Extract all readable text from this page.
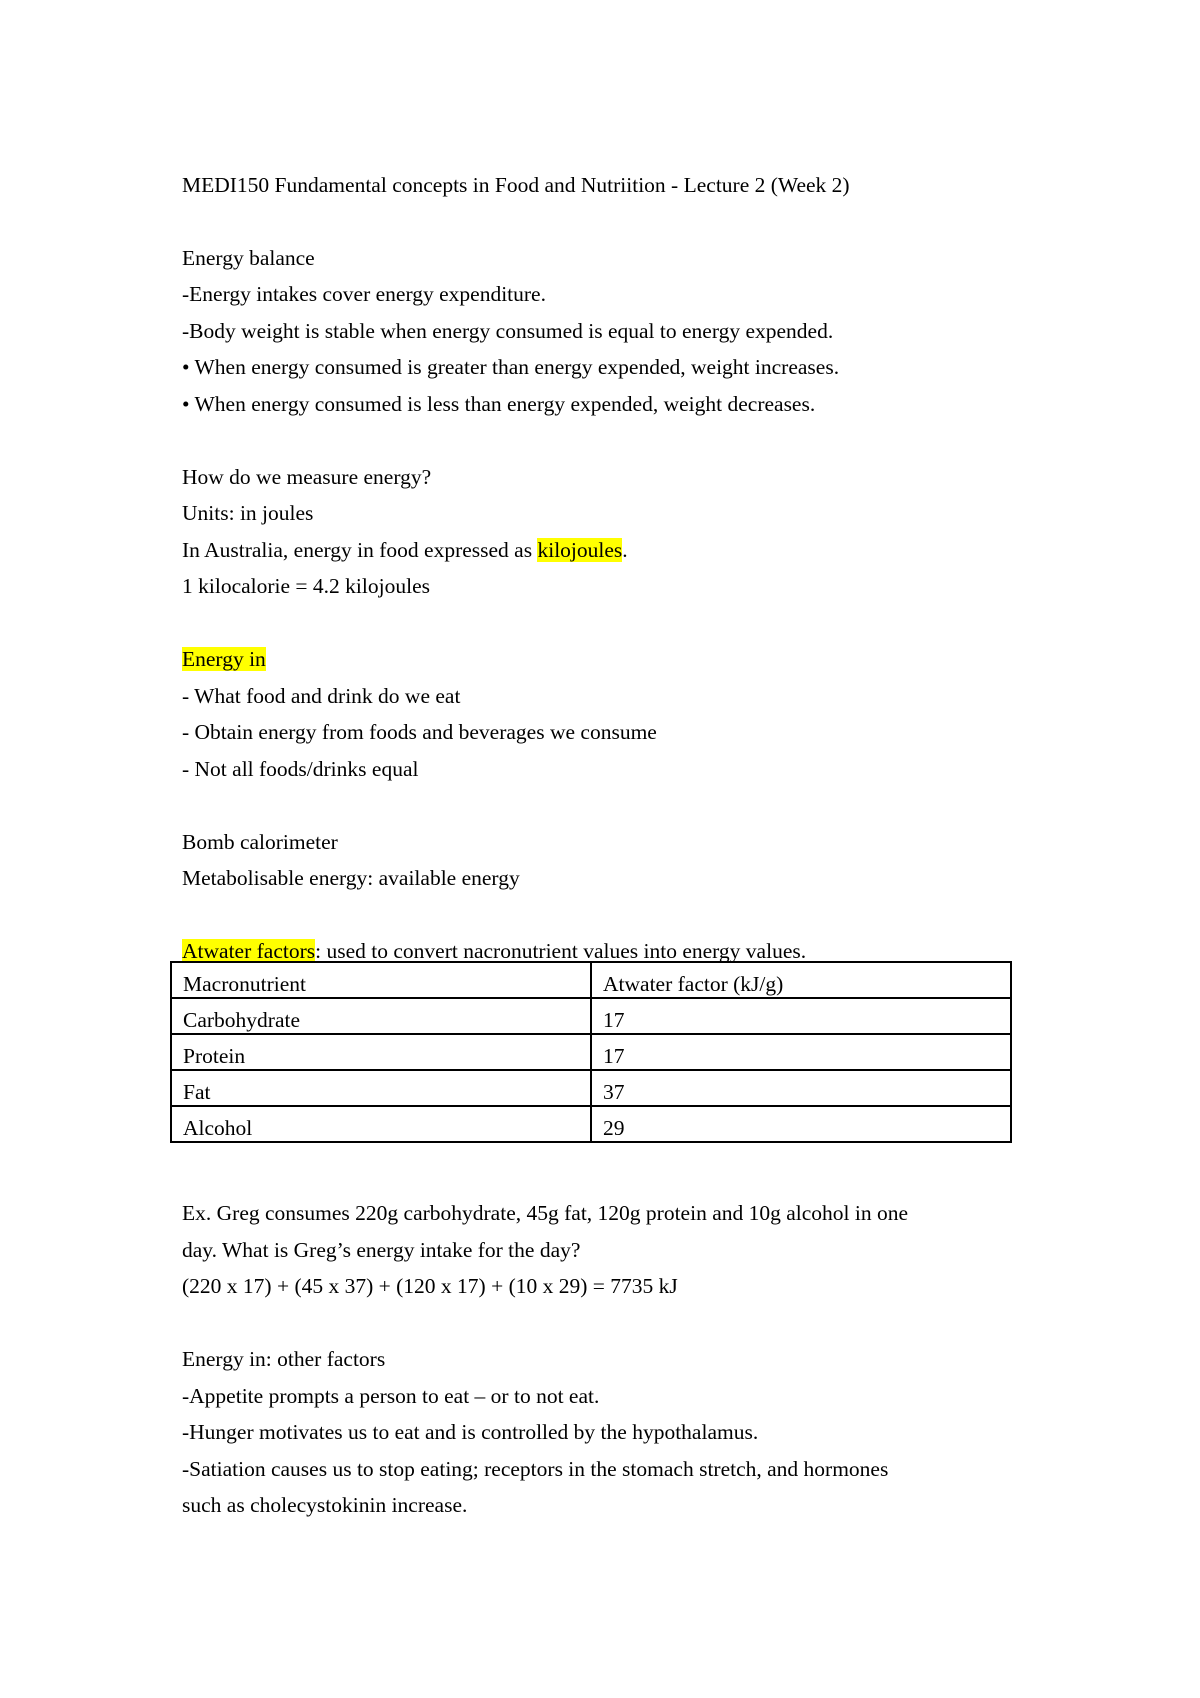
MEDI150 Fundamental concepts in Food and Nutriition - Lecture 2 (Week 2)
Energy balance
-Energy intakes cover energy expenditure.
-Body weight is stable when energy consumed is equal to energy expended.
• When energy consumed is greater than energy expended, weight increases.
• When energy consumed is less than energy expended, weight decreases.
How do we measure energy?
Units: in joules
In Australia, energy in food expressed as kilojoules.
1 kilocalorie = 4.2 kilojoules
Energy in
- What food and drink do we eat
- Obtain energy from foods and beverages we consume
- Not all foods/drinks equal
Bomb calorimeter
Metabolisable energy: available energy
Atwater factors: used to convert nacronutrient values into energy values.
Macronutrient	Atwater factor (kJ/g)
Carbohydrate	17
Protein	17
Fat	37
Alcohol	29
Ex. Greg consumes 220g carbohydrate, 45g fat, 120g protein and 10g alcohol in one
day. What is Greg’s energy intake for the day?
(220 x 17) + (45 x 37) + (120 x 17) + (10 x 29) = 7735 kJ
Energy in: other factors
-Appetite prompts a person to eat – or to not eat.
-Hunger motivates us to eat and is controlled by the hypothalamus.
-Satiation causes us to stop eating; receptors in the stomach stretch, and hormones
such as cholecystokinin increase.
